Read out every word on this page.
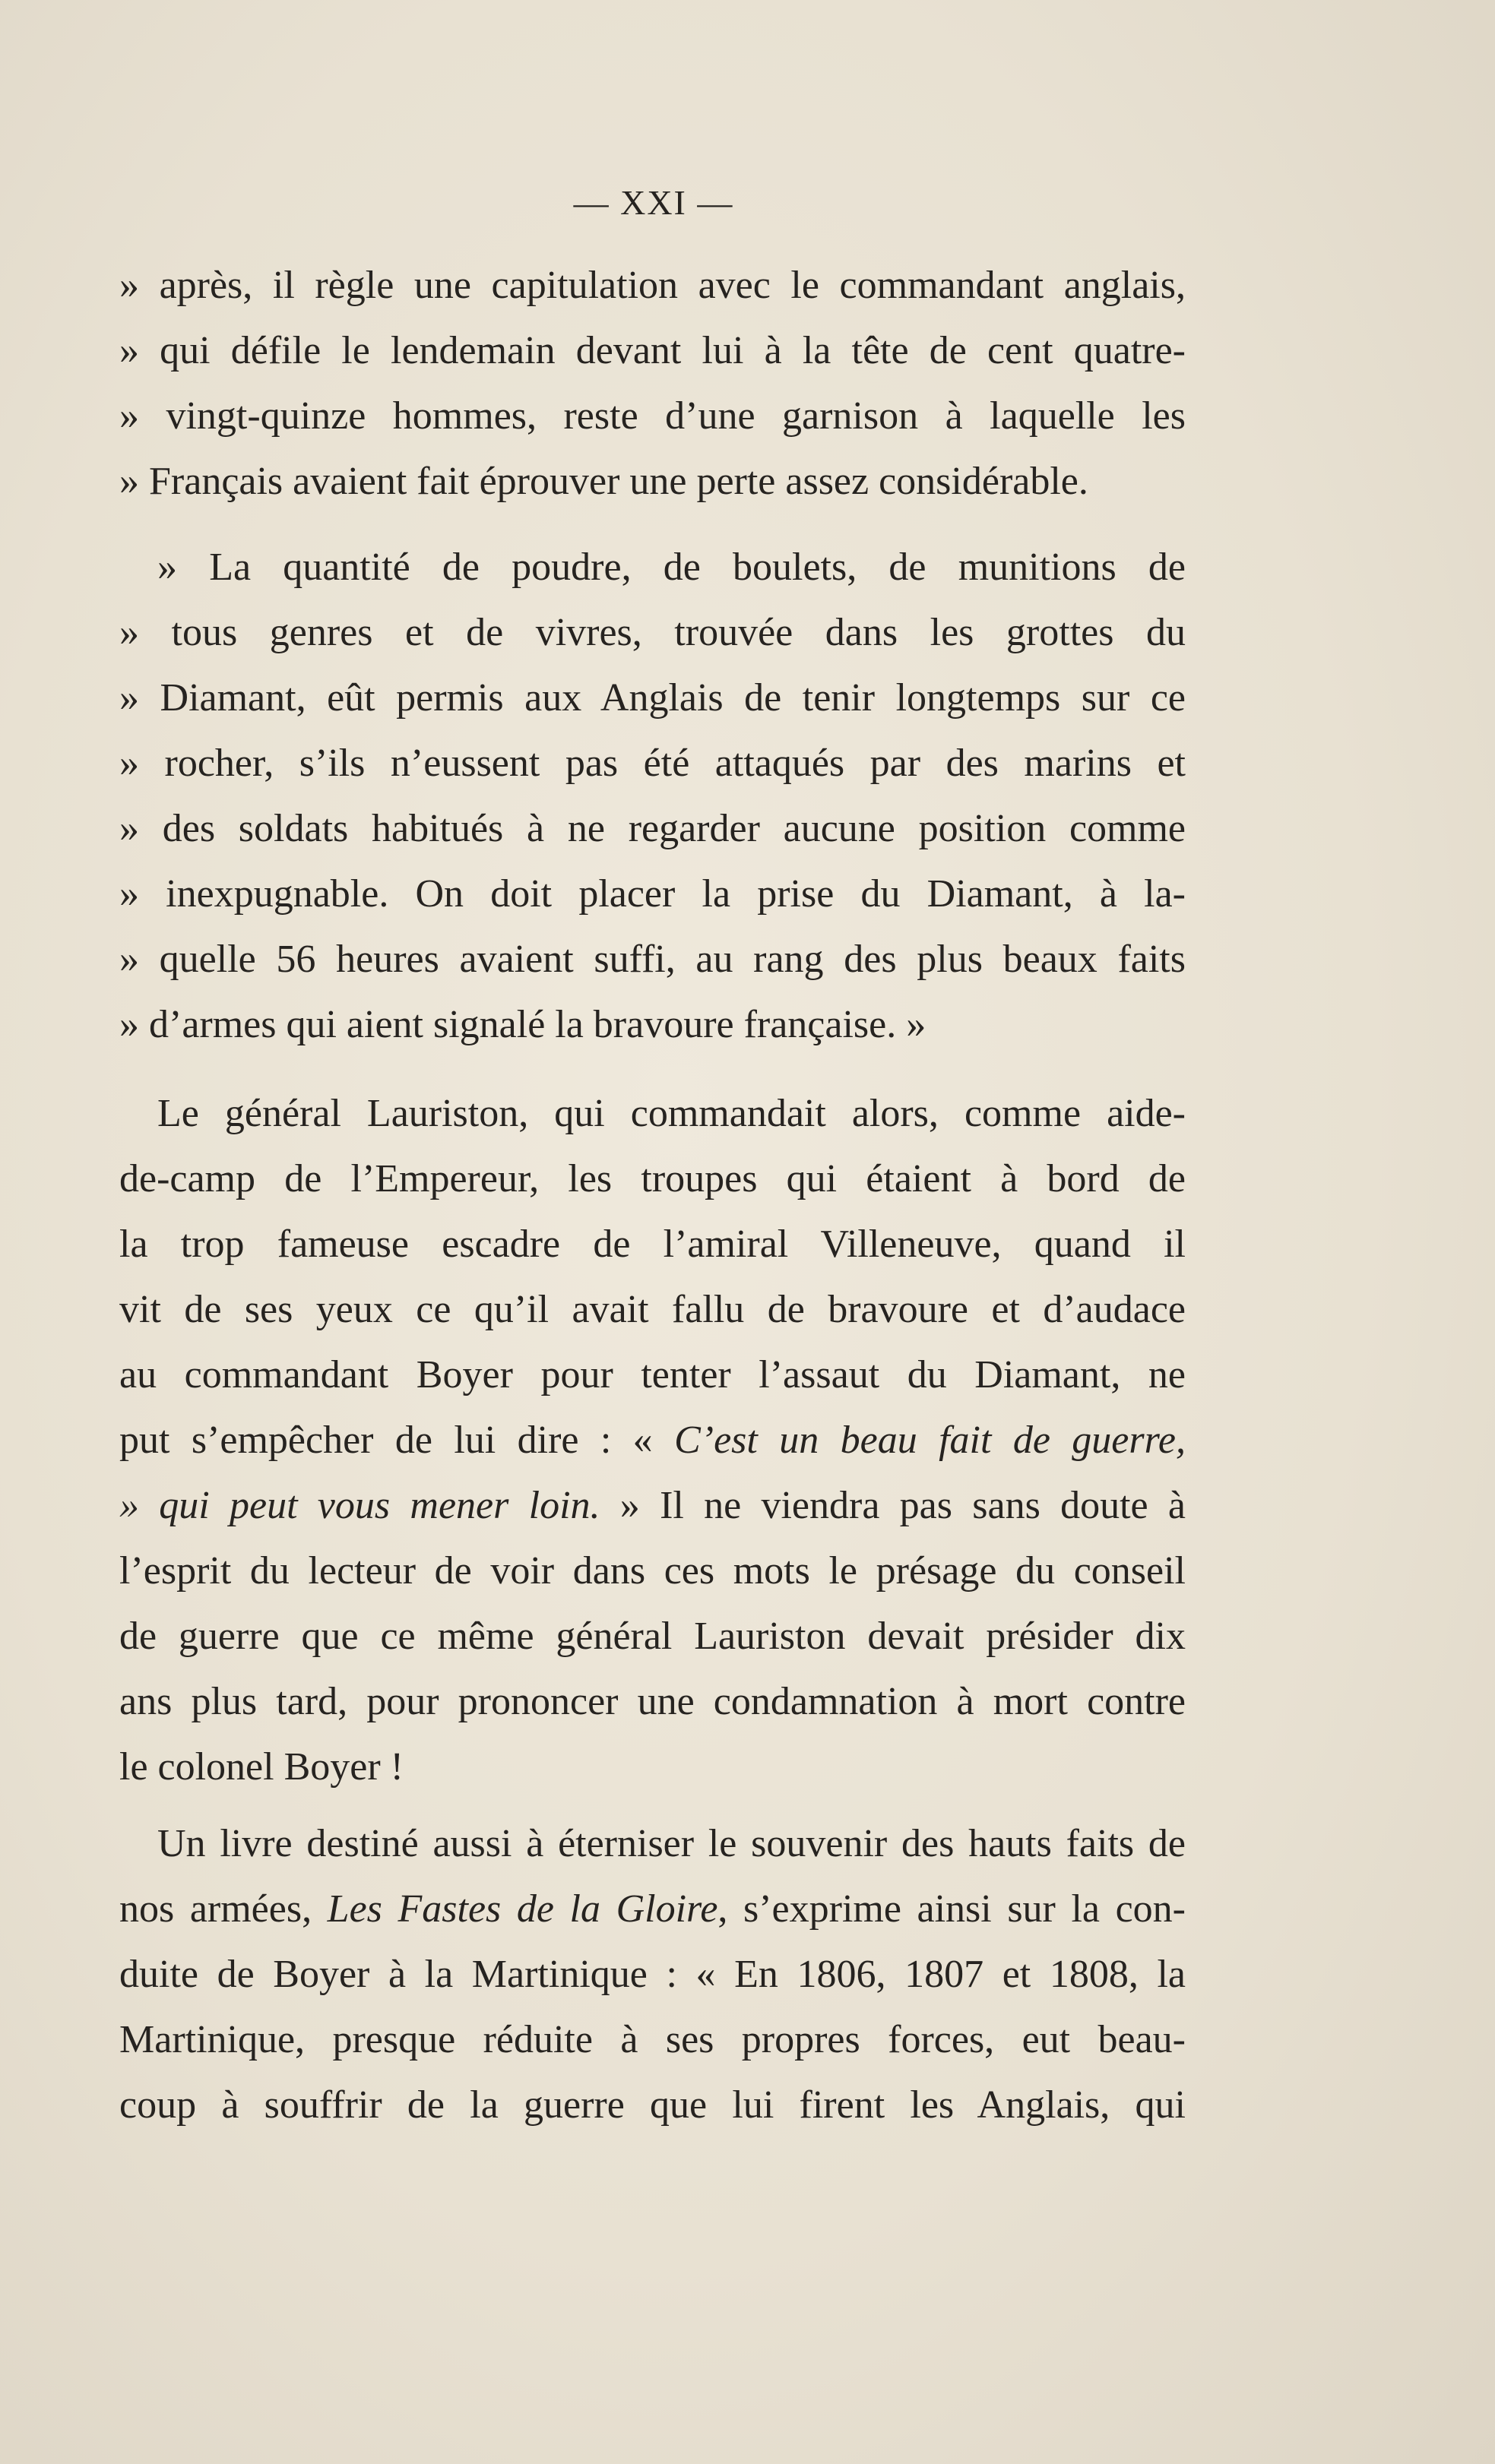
— XXI —
» après, il règle une capitulation avec le commandant anglais,
» qui défile le lendemain devant lui à la tête de cent quatre-
» vingt-quinze hommes, reste d’une garnison à laquelle les
» Français avaient fait éprouver une perte assez considérable.
» La quantité de poudre, de boulets, de munitions de
» tous genres et de vivres, trouvée dans les grottes du
» Diamant, eût permis aux Anglais de tenir longtemps sur ce
» rocher, s’ils n’eussent pas été attaqués par des marins et
» des soldats habitués à ne regarder aucune position comme
» inexpugnable. On doit placer la prise du Diamant, à la-
» quelle 56 heures avaient suffi, au rang des plus beaux faits
» d’armes qui aient signalé la bravoure française. »
Le général Lauriston, qui commandait alors, comme aide-
de-camp de l’Empereur, les troupes qui étaient à bord de
la trop fameuse escadre de l’amiral Villeneuve, quand il
vit de ses yeux ce qu’il avait fallu de bravoure et d’audace
au commandant Boyer pour tenter l’assaut du Diamant, ne
put s’empêcher de lui dire : « C’est un beau fait de guerre,
» qui peut vous mener loin. » Il ne viendra pas sans doute à
l’esprit du lecteur de voir dans ces mots le présage du conseil
de guerre que ce même général Lauriston devait présider dix
ans plus tard, pour prononcer une condamnation à mort contre
le colonel Boyer !
Un livre destiné aussi à éterniser le souvenir des hauts faits de
nos armées, Les Fastes de la Gloire, s’exprime ainsi sur la con-
duite de Boyer à la Martinique : « En 1806, 1807 et 1808, la
Martinique, presque réduite à ses propres forces, eut beau-
coup à souffrir de la guerre que lui firent les Anglais, qui
